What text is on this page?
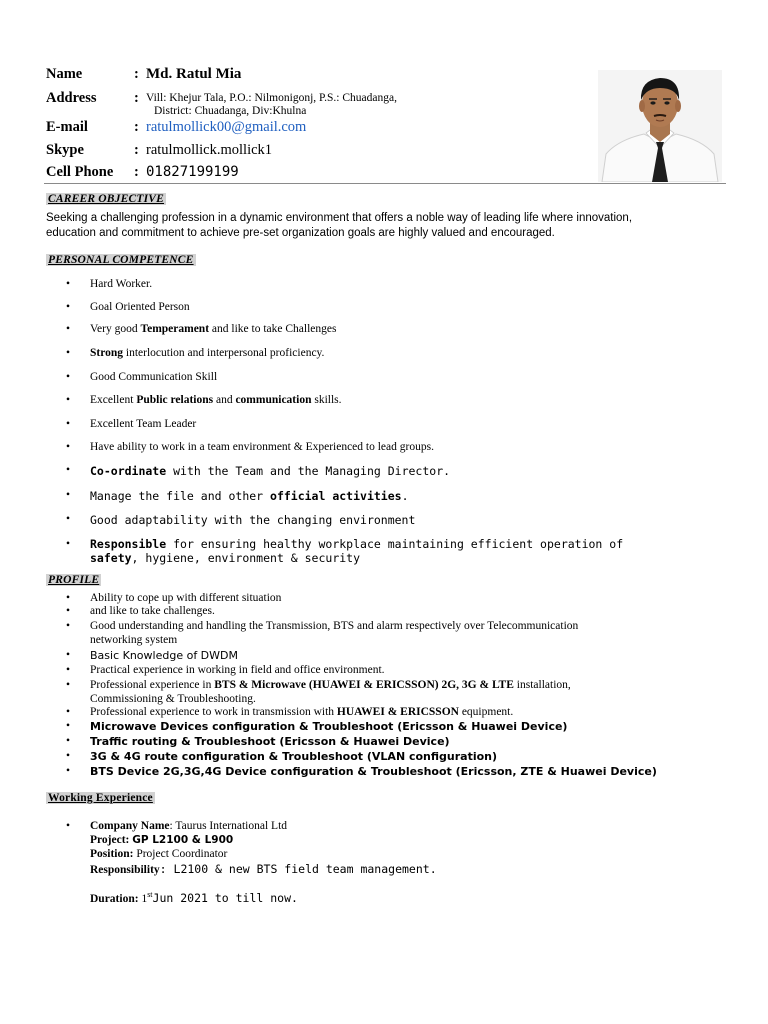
Name	: Md. Ratul Mia
Address	: Vill: Khejur Tala, P.O.: Nilmonigonj, P.S.: Chuadanga,
District: Chuadanga, Div:Khulna
E-mail	: ratulmollick00@gmail.com
Skype	: ratulmollick.mollick1
Cell Phone	: 01827199199
CAREER OBJECTIVE
Seeking a challenging profession in a dynamic environment that offers a noble way of leading life where innovation,
education and commitment to achieve pre-set organization goals are highly valued and encouraged.
PERSONAL COMPETENCE
• Hard Worker.
• Goal Oriented Person
• Very good Temperament and like to take Challenges
• Strong interlocution and interpersonal proficiency.
• Good Communication Skill
• Excellent Public relations and communication skills.
• Excellent Team Leader
• Have ability to work in a team environment & Experienced to lead groups.
• Co-ordinate with the Team and the Managing Director.
• Manage the file and other official activities.
• Good adaptability with the changing environment
• Responsible for ensuring healthy workplace maintaining efficient operation of
safety, hygiene, environment & security
PROFILE
• Ability to cope up with different situation
• and like to take challenges.
• Good understanding and handling the Transmission, BTS and alarm respectively over Telecommunication
networking system
• Basic Knowledge of DWDM
• Practical experience in working in field and office environment.
• Professional experience in BTS & Microwave (HUAWEI & ERICSSON) 2G, 3G & LTE installation,
Commissioning & Troubleshooting.
• Professional experience to work in transmission with HUAWEI & ERICSSON equipment.
• Microwave Devices configuration & Troubleshoot (Ericsson & Huawei Device)
• Traffic routing & Troubleshoot (Ericsson & Huawei Device)
• 3G & 4G route configuration & Troubleshoot (VLAN configuration)
• BTS Device 2G,3G,4G Device configuration & Troubleshoot (Ericsson, ZTE & Huawei Device)
Working Experience
• Company Name: Taurus International Ltd
Project: GP L2100 & L900
Position: Project Coordinator
Responsibility: L2100 & new BTS field team management.
Duration: 1stJun 2021 to till now.
